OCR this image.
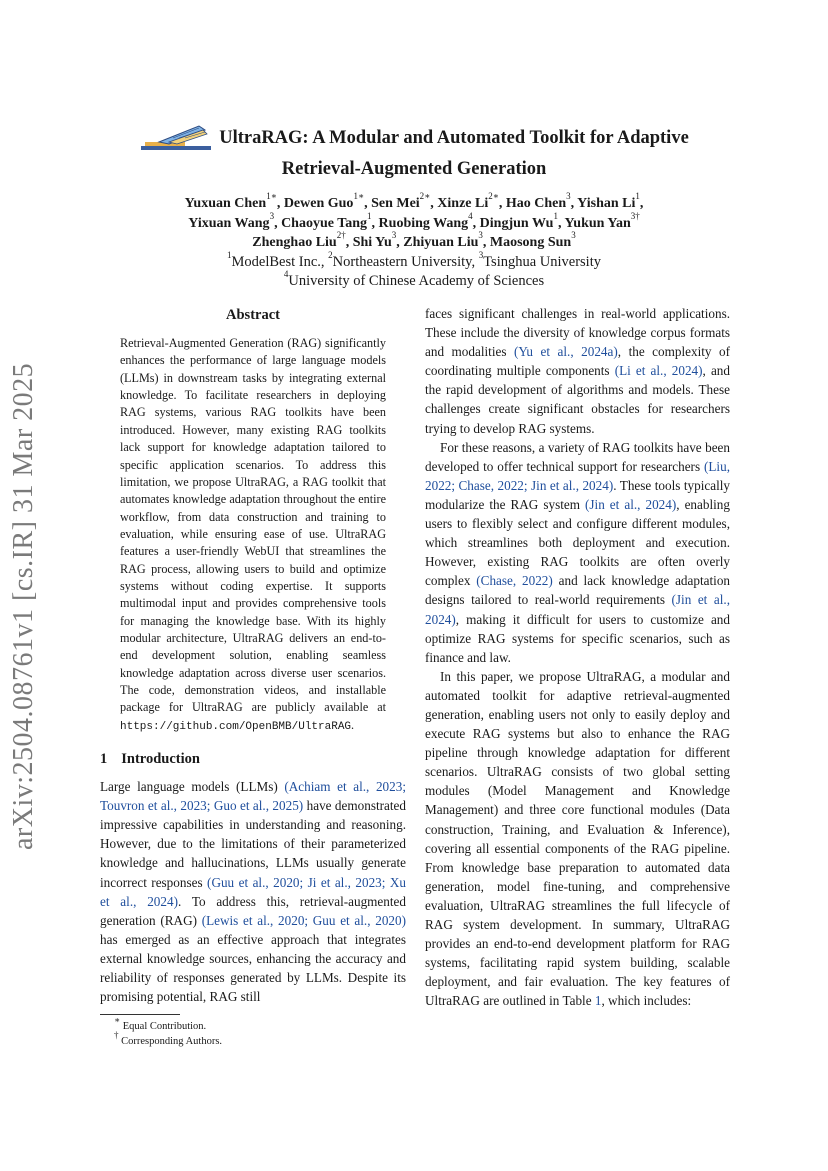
arXiv:2504.08761v1 [cs.IR] 31 Mar 2025
UltraRAG: A Modular and Automated Toolkit for Adaptive
Retrieval-Augmented Generation
Yuxuan Chen$^{1∗}$, Dewen Guo$^{1∗}$, Sen Mei$^{2∗}$, Xinze $Li^{2∗}$, Hao Chen$^3$, Yishan Li$^1$,
Yixuan Wang$^3$, Chaoyue Tang$^1$, Ruobing Wang$^4$, Dingjun Wu$^1$, Yukun Yan$^{3\dagger}$
Zhenghao Liu$^{2\dagger}$, Shi Yu$^3$, Zhiyuan Liu$^3$, Maosong Sun$^3$
$^1$ModelBest Inc., $^2$Northeastern University, $^3$Tsinghua University
$^4$University of Chinese Academy of Sciences
Abstract
Retrieval-Augmented Generation (RAG) significantly enhances the performance of large language models (LLMs) in downstream tasks by integrating external knowledge. To facilitate researchers in deploying RAG systems, various RAG toolkits have been introduced. However, many existing RAG toolkits lack support for knowledge adaptation tailored to specific application scenarios. To address this limitation, we propose UltraRAG, a RAG toolkit that automates knowledge adaptation throughout the entire workflow, from data construction and training to evaluation, while ensuring ease of use. UltraRAG features a user-friendly WebUI that streamlines the RAG process, allowing users to build and optimize systems without coding expertise. It supports multimodal input and provides comprehensive tools for managing the knowledge base. With its highly modular architecture, UltraRAG delivers an end-to-end development solution, enabling seamless knowledge adaptation across diverse user scenarios. The code, demonstration videos, and installable package for UltraRAG are publicly available at https://github.com/OpenBMB/UltraRAG.
1 Introduction

Large language models (LLMs) (Achiam et al., 2023; Touvron et al., 2023; Guo et al., 2025) have demonstrated impressive capabilities in understanding and reasoning. However, due to the limitations of their parameterized knowledge and hallucinations, LLMs usually generate incorrect responses (Guu et al., 2020; Ji et al., 2023; Xu et al., 2024). To address this, retrieval-augmented generation (RAG) (Lewis et al., 2020; Guu et al., 2020) has emerged as an effective approach that integrates external knowledge sources, enhancing the accuracy and reliability of responses generated by LLMs. Despite its promising potential, RAG still

∗ Equal Contribution.
† Corresponding Authors.

faces significant challenges in real-world applications. These include the diversity of knowledge corpus formats and modalities (Yu et al., 2024a), the complexity of coordinating multiple components (Li et al., 2024), and the rapid development of algorithms and models. These challenges create significant obstacles for researchers trying to develop RAG systems.

For these reasons, a variety of RAG toolkits have been developed to offer technical support for researchers (Liu, 2022; Chase, 2022; Jin et al., 2024). These tools typically modularize the RAG system (Jin et al., 2024), enabling users to flexibly select and configure different modules, which streamlines both deployment and execution. However, existing RAG toolkits are often overly complex (Chase, 2022) and lack knowledge adaptation designs tailored to real-world requirements (Jin et al., 2024), making it difficult for users to customize and optimize RAG systems for specific scenarios, such as finance and law.

In this paper, we propose UltraRAG, a modular and automated toolkit for adaptive retrieval-augmented generation, enabling users not only to easily deploy and execute RAG systems but also to enhance the RAG pipeline through knowledge adaptation for different scenarios. UltraRAG consists of two global setting modules (Model Management and Knowledge Management) and three core functional modules (Data construction, Training, and Evaluation & Inference), covering all essential components of the RAG pipeline. From knowledge base preparation to automated data generation, model fine-tuning, and comprehensive evaluation, UltraRAG streamlines the full lifecycle of RAG system development. In summary, UltraRAG provides an end-to-end development platform for RAG systems, facilitating rapid system building, scalable deployment, and fair evaluation. The key features of UltraRAG are outlined in Table 1, which includes:
